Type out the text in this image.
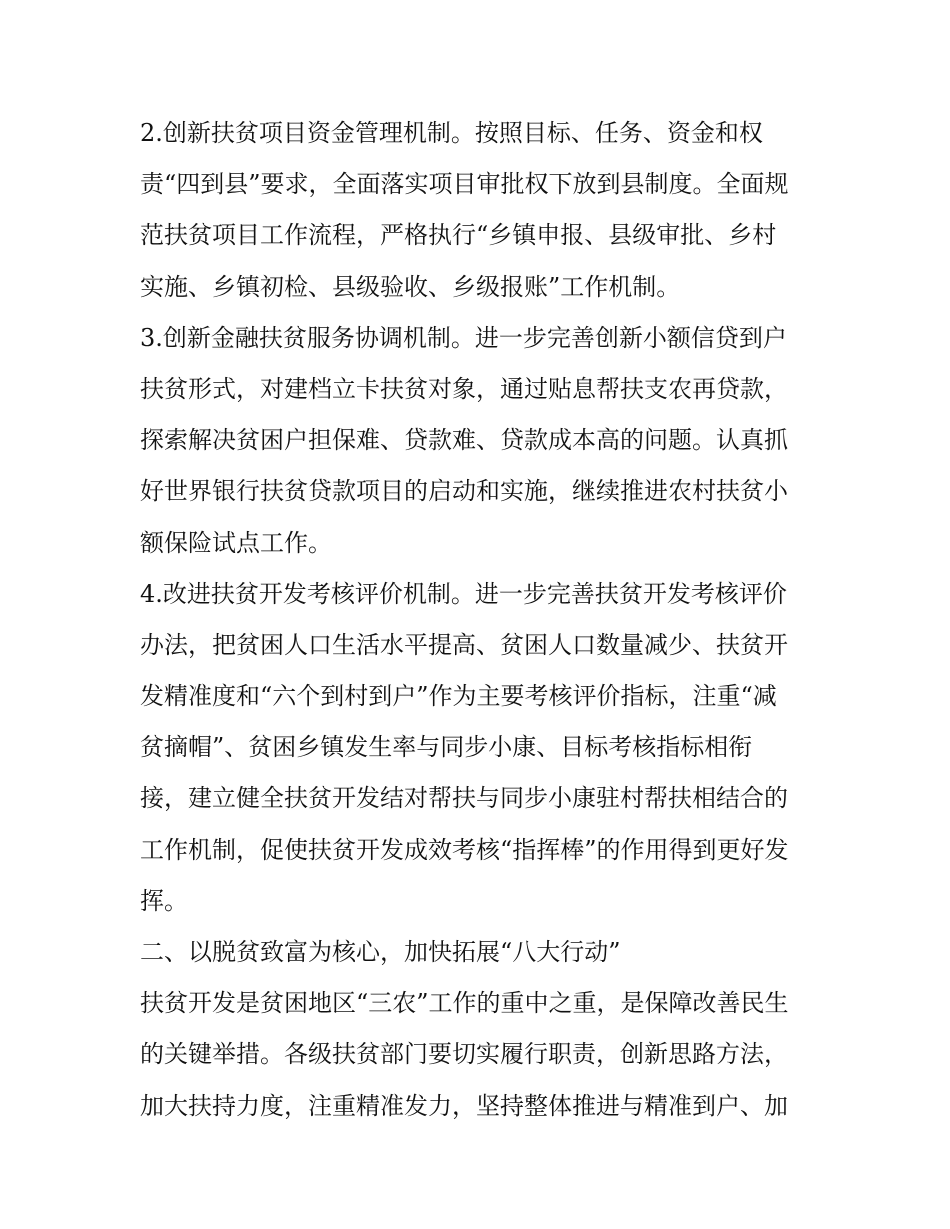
2.创新扶贫项目资金管理机制。按照目标、任务、资金和权
责“四到县”要求，全面落实项目审批权下放到县制度。全面规
范扶贫项目工作流程，严格执行“乡镇申报、县级审批、乡村
实施、乡镇初检、县级验收、乡级报账”工作机制。
3.创新金融扶贫服务协调机制。进一步完善创新小额信贷到户
扶贫形式，对建档立卡扶贫对象，通过贴息帮扶支农再贷款，
探索解决贫困户担保难、贷款难、贷款成本高的问题。认真抓
好世界银行扶贫贷款项目的启动和实施，继续推进农村扶贫小
额保险试点工作。
4.改进扶贫开发考核评价机制。进一步完善扶贫开发考核评价
办法，把贫困人口生活水平提高、贫困人口数量减少、扶贫开
发精准度和“六个到村到户”作为主要考核评价指标，注重“减
贫摘帽”、贫困乡镇发生率与同步小康、目标考核指标相衔
接，建立健全扶贫开发结对帮扶与同步小康驻村帮扶相结合的
工作机制，促使扶贫开发成效考核“指挥棒”的作用得到更好发
挥。
二、以脱贫致富为核心，加快拓展“八大行动”
扶贫开发是贫困地区“三农”工作的重中之重，是保障改善民生
的关键举措。各级扶贫部门要切实履行职责，创新思路方法，
加大扶持力度，注重精准发力，坚持整体推进与精准到户、加
